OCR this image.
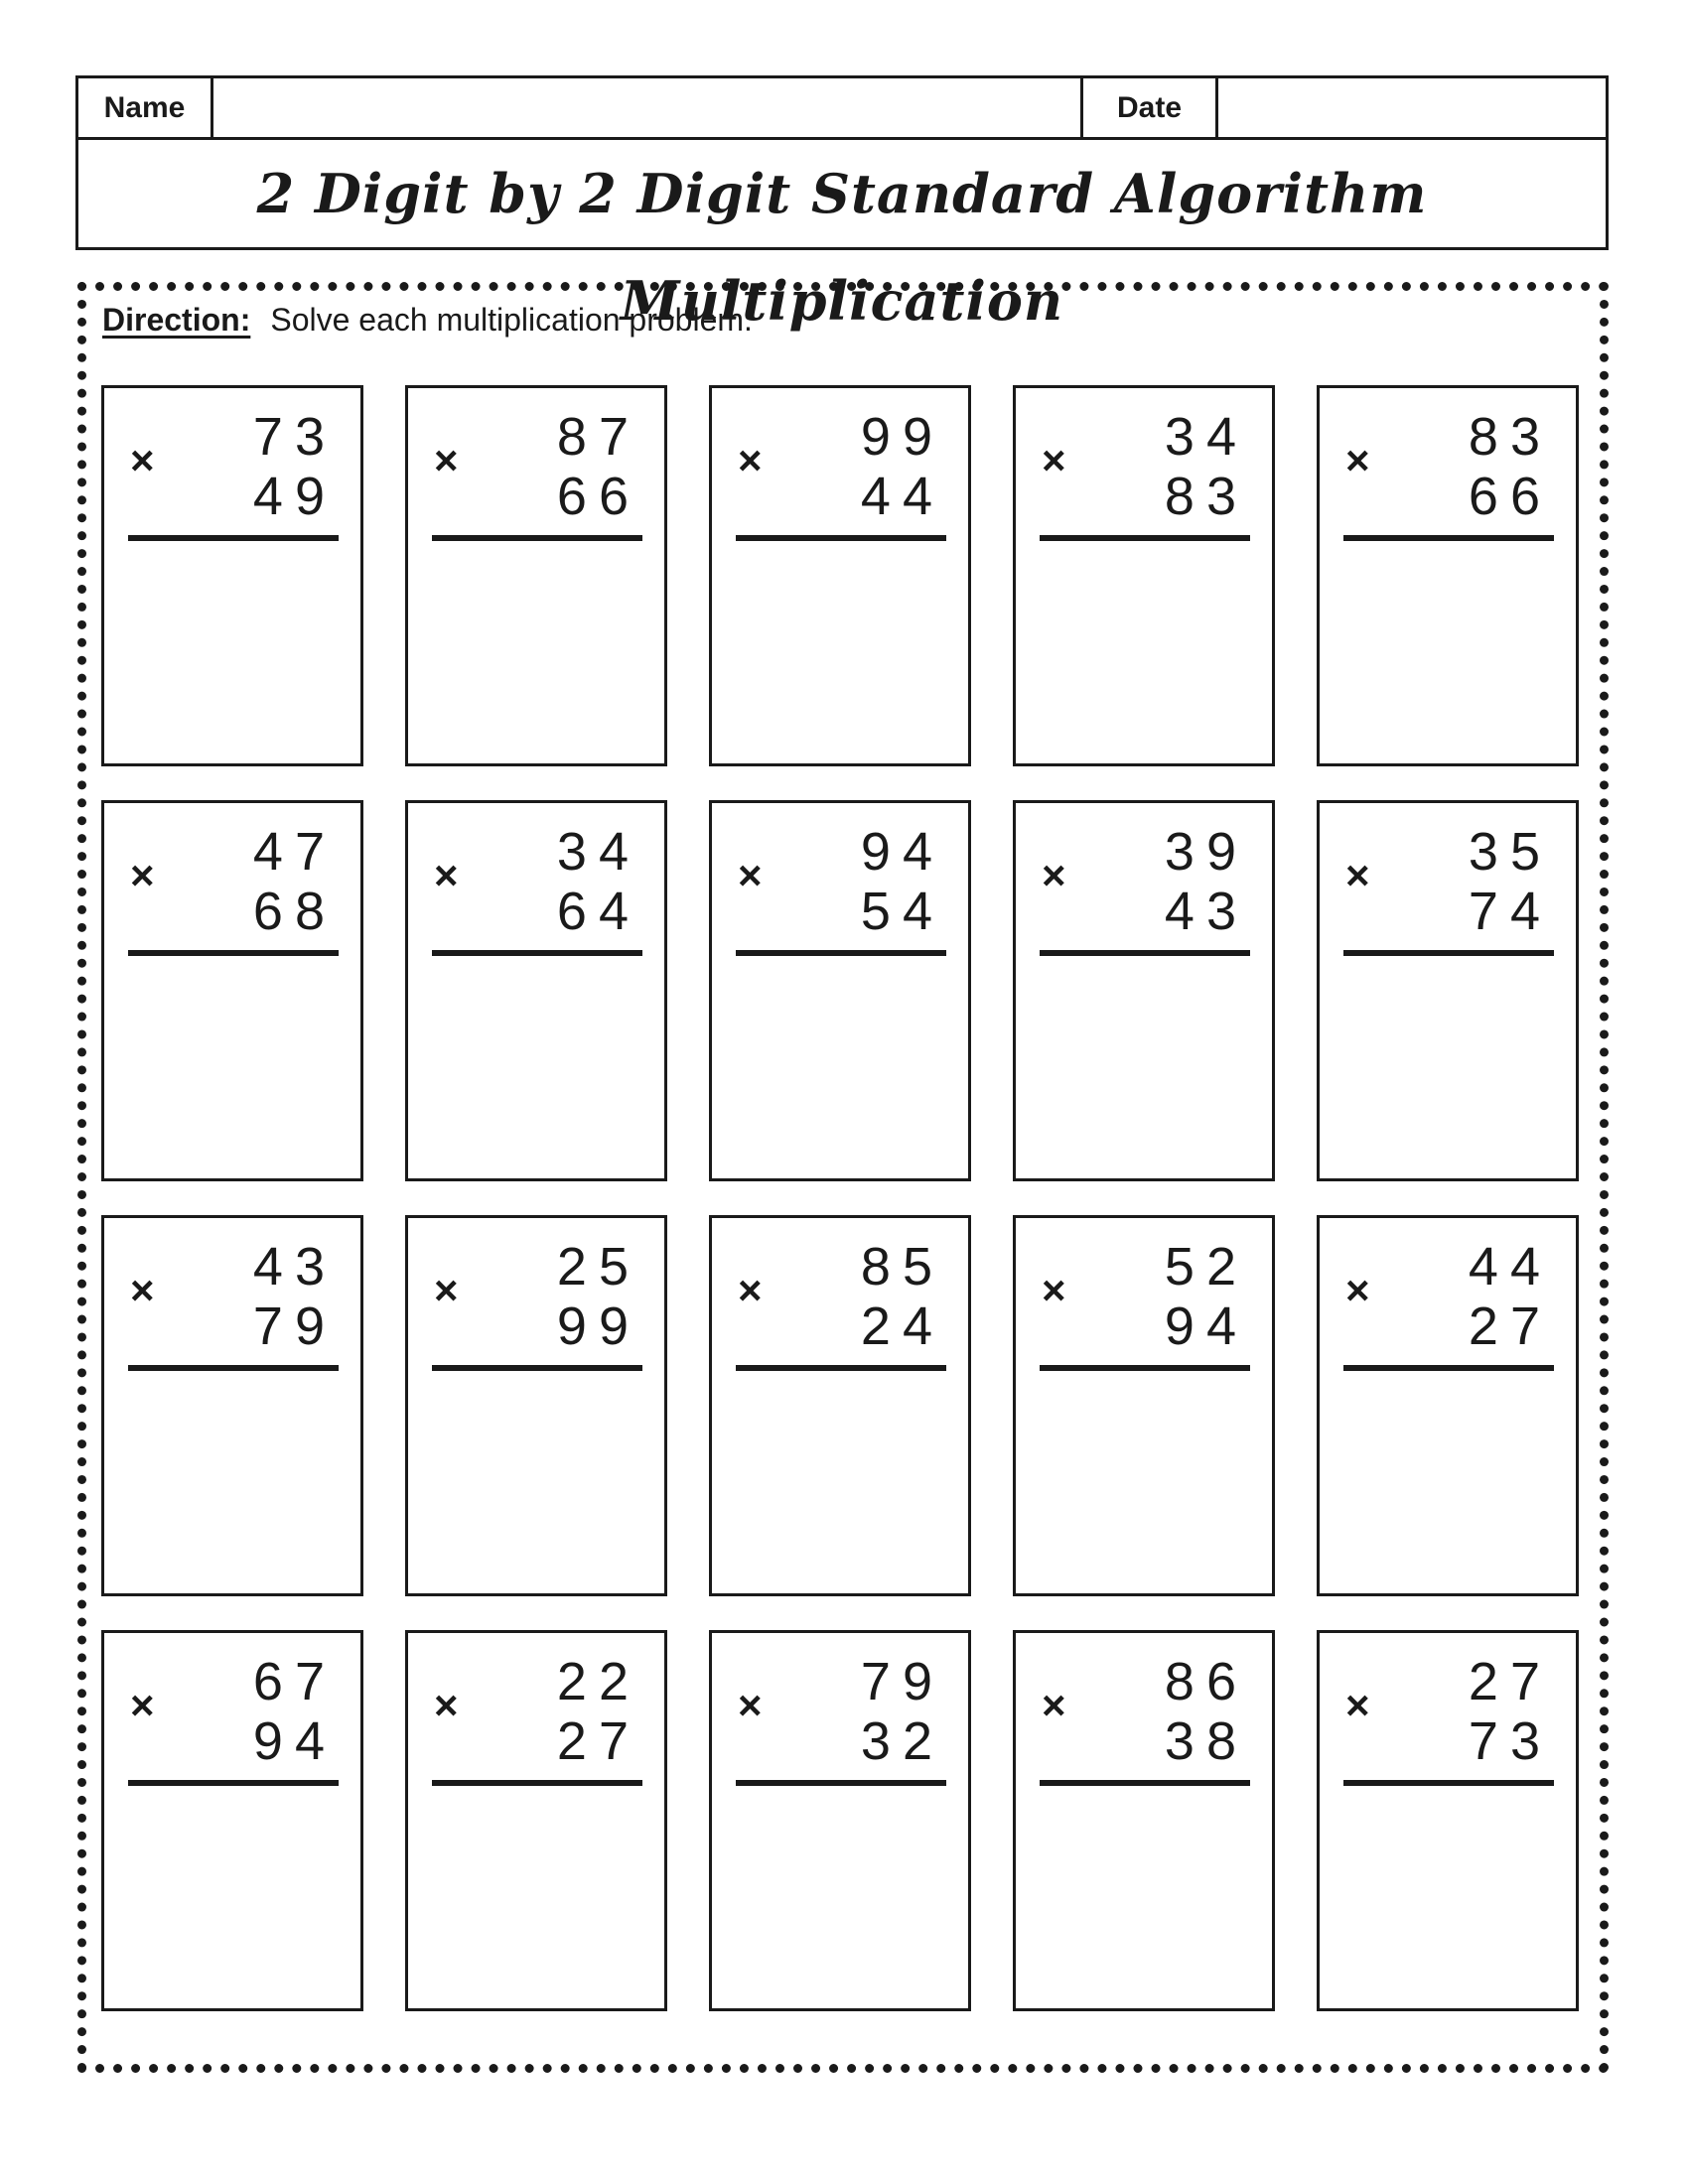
Name	Date
2 Digit by 2 Digit Standard Algorithm Multiplication
Direction: Solve each multiplication problem.
× 73
49
× 87
66
× 99
44
× 34
83
× 83
66
× 47
68
× 34
64
× 94
54
× 39
43
× 35
74
× 43
79
× 25
99
× 85
24
× 52
94
× 44
27
× 67
94
× 22
27
× 79
32
× 86
38
× 27
73
